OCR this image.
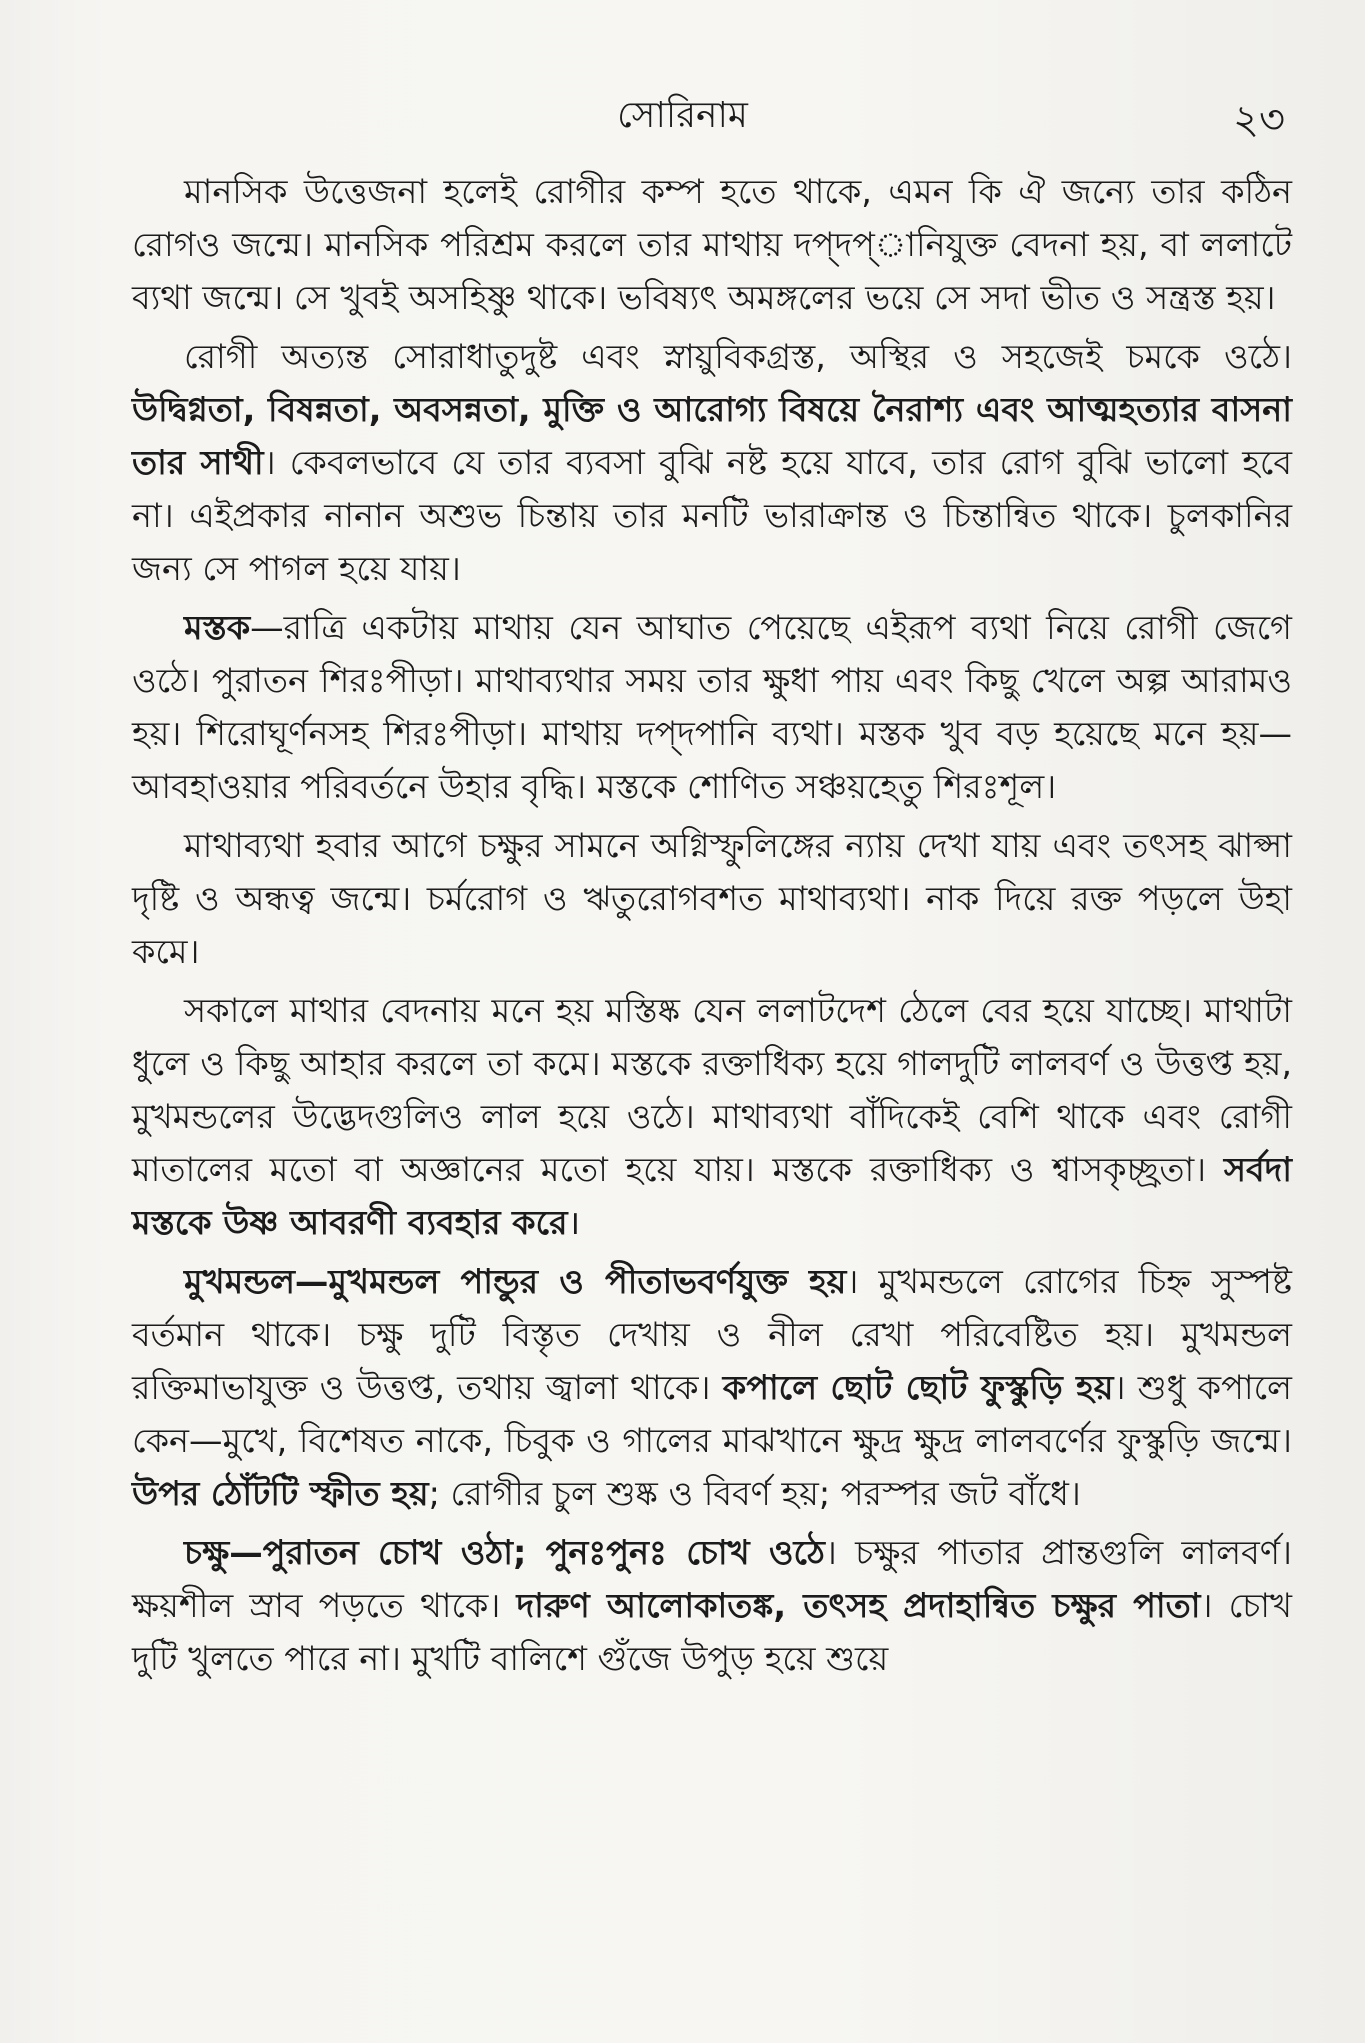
সোরিনাম	২৩

মানসিক উত্তেজনা হলেই রোগীর কম্প হতে থাকে, এমন কি ঐ জন্যে তার কঠিন রোগও জন্মে। মানসিক পরিশ্রম করলে তার মাথায় দপ্‌দপ্‌ানিযুক্ত বেদনা হয়, বা ললাটে ব্যথা জন্মে। সে খুবই অসহিষ্ণু থাকে। ভবিষ্যৎ অমঙ্গলের ভয়ে সে সদা ভীত ও সন্ত্রস্ত হয়।

রোগী অত্যন্ত সোরাধাতুদুষ্ট এবং স্নায়ুবিকগ্রস্ত, অস্থির ও সহজেই চমকে ওঠে। উদ্বিগ্নতা, বিষন্নতা, অবসন্নতা, মুক্তি ও আরোগ্য বিষয়ে নৈরাশ্য এবং আত্মহত্যার বাসনা তার সাথী। কেবলভাবে যে তার ব্যবসা বুঝি নষ্ট হয়ে যাবে, তার রোগ বুঝি ভালো হবে না। এইপ্রকার নানান অশুভ চিন্তায় তার মনটি ভারাক্রান্ত ও চিন্তান্বিত থাকে। চুলকানির জন্য সে পাগল হয়ে যায়।

মস্তক—রাত্রি একটায় মাথায় যেন আঘাত পেয়েছে এইরূপ ব্যথা নিয়ে রোগী জেগে ওঠে। পুরাতন শিরঃপীড়া। মাথাব্যথার সময় তার ক্ষুধা পায় এবং কিছু খেলে অল্প আরামও হয়। শিরোঘূর্ণনসহ শিরঃপীড়া। মাথায় দপ্‌দপানি ব্যথা। মস্তক খুব বড় হয়েছে মনে হয়—আবহাওয়ার পরিবর্তনে উহার বৃদ্ধি। মস্তকে শোণিত সঞ্চয়হেতু শিরঃশূল।

মাথাব্যথা হবার আগে চক্ষুর সামনে অগ্নিস্ফুলিঙ্গের ন্যায় দেখা যায় এবং তৎসহ ঝাপ্সা দৃষ্টি ও অন্ধত্ব জন্মে। চর্মরোগ ও ঋতুরোগবশত মাথাব্যথা। নাক দিয়ে রক্ত পড়লে উহা কমে।

সকালে মাথার বেদনায় মনে হয় মস্তিষ্ক যেন ললাটদেশ ঠেলে বের হয়ে যাচ্ছে। মাথাটা ধুলে ও কিছু আহার করলে তা কমে। মস্তকে রক্তাধিক্য হয়ে গালদুটি লালবর্ণ ও উত্তপ্ত হয়, মুখমন্ডলের উদ্ভেদগুলিও লাল হয়ে ওঠে। মাথাব্যথা বাঁদিকেই বেশি থাকে এবং রোগী মাতালের মতো বা অজ্ঞানের মতো হয়ে যায়। মস্তকে রক্তাধিক্য ও শ্বাসকৃচ্ছ্রতা। সর্বদা মস্তকে উষ্ণ আবরণী ব্যবহার করে।

মুখমন্ডল—মুখমন্ডল পান্ডুর ও পীতাভবর্ণযুক্ত হয়। মুখমন্ডলে রোগের চিহ্ন সুস্পষ্ট বর্তমান থাকে। চক্ষু দুটি বিস্তৃত দেখায় ও নীল রেখা পরিবেষ্টিত হয়। মুখমন্ডল রক্তিমাভাযুক্ত ও উত্তপ্ত, তথায় জ্বালা থাকে। কপালে ছোট ছোট ফুস্কুড়ি হয়। শুধু কপালে কেন—মুখে, বিশেষত নাকে, চিবুক ও গালের মাঝখানে ক্ষুদ্র ক্ষুদ্র লালবর্ণের ফুস্কুড়ি জন্মে। উপর ঠোঁটটি স্ফীত হয়; রোগীর চুল শুষ্ক ও বিবর্ণ হয়; পরস্পর জট বাঁধে।

চক্ষু—পুরাতন চোখ ওঠা; পুনঃপুনঃ চোখ ওঠে। চক্ষুর পাতার প্রান্তগুলি লালবর্ণ। ক্ষয়শীল স্রাব পড়তে থাকে। দারুণ আলোকাতঙ্ক, তৎসহ প্রদাহান্বিত চক্ষুর পাতা। চোখ দুটি খুলতে পারে না। মুখটি বালিশে গুঁজে উপুড় হয়ে শুয়ে
